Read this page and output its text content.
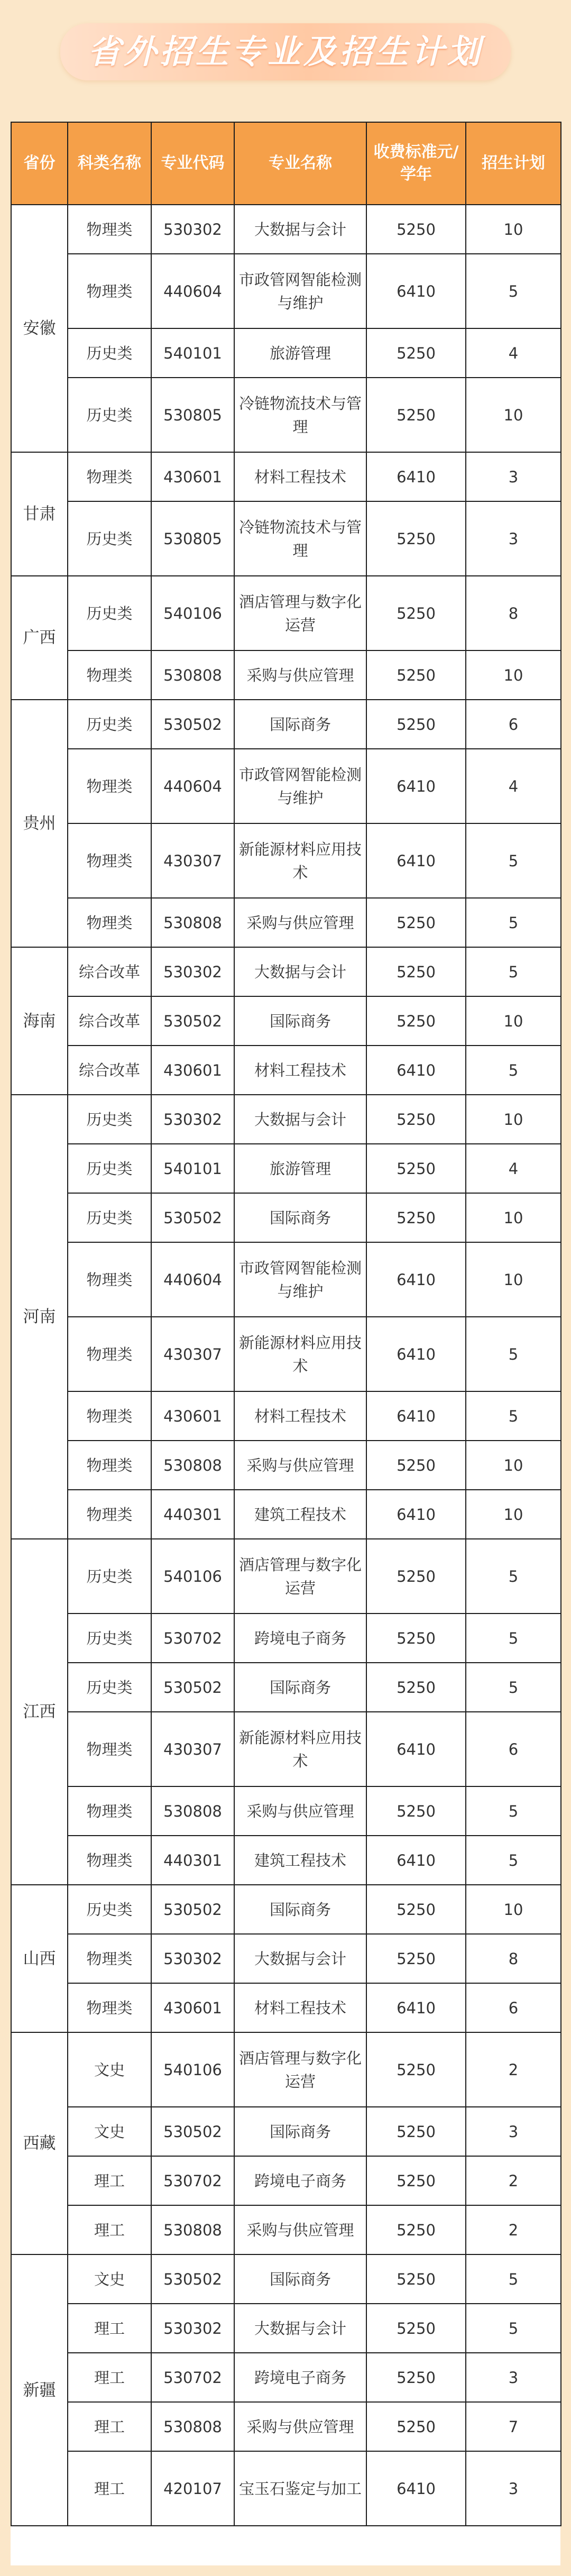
省外招生专业及招生计划
省份	科类名称	专业代码	专业名称	收费标准元/学年	招生计划
安徽	物理类	530302	大数据与会计	5250	10
	物理类	440604	市政管网智能检测与维护	6410	5
	历史类	540101	旅游管理	5250	4
	历史类	530805	冷链物流技术与管理	5250	10
甘肃	物理类	430601	材料工程技术	6410	3
	历史类	530805	冷链物流技术与管理	5250	3
广西	历史类	540106	酒店管理与数字化运营	5250	8
	物理类	530808	采购与供应管理	5250	10
贵州	历史类	530502	国际商务	5250	6
	物理类	440604	市政管网智能检测与维护	6410	4
	物理类	430307	新能源材料应用技术	6410	5
	物理类	530808	采购与供应管理	5250	5
海南	综合改革	530302	大数据与会计	5250	5
	综合改革	530502	国际商务	5250	10
	综合改革	430601	材料工程技术	6410	5
河南	历史类	530302	大数据与会计	5250	10
	历史类	540101	旅游管理	5250	4
	历史类	530502	国际商务	5250	10
	物理类	440604	市政管网智能检测与维护	6410	10
	物理类	430307	新能源材料应用技术	6410	5
	物理类	430601	材料工程技术	6410	5
	物理类	530808	采购与供应管理	5250	10
	物理类	440301	建筑工程技术	6410	10
江西	历史类	540106	酒店管理与数字化运营	5250	5
	历史类	530702	跨境电子商务	5250	5
	历史类	530502	国际商务	5250	5
	物理类	430307	新能源材料应用技术	6410	6
	物理类	530808	采购与供应管理	5250	5
	物理类	440301	建筑工程技术	6410	5
山西	历史类	530502	国际商务	5250	10
	物理类	530302	大数据与会计	5250	8
	物理类	430601	材料工程技术	6410	6
西藏	文史	540106	酒店管理与数字化运营	5250	2
	文史	530502	国际商务	5250	3
	理工	530702	跨境电子商务	5250	2
	理工	530808	采购与供应管理	5250	2
新疆	文史	530502	国际商务	5250	5
	理工	530302	大数据与会计	5250	5
	理工	530702	跨境电子商务	5250	3
	理工	530808	采购与供应管理	5250	7
	理工	420107	宝玉石鉴定与加工	6410	3
